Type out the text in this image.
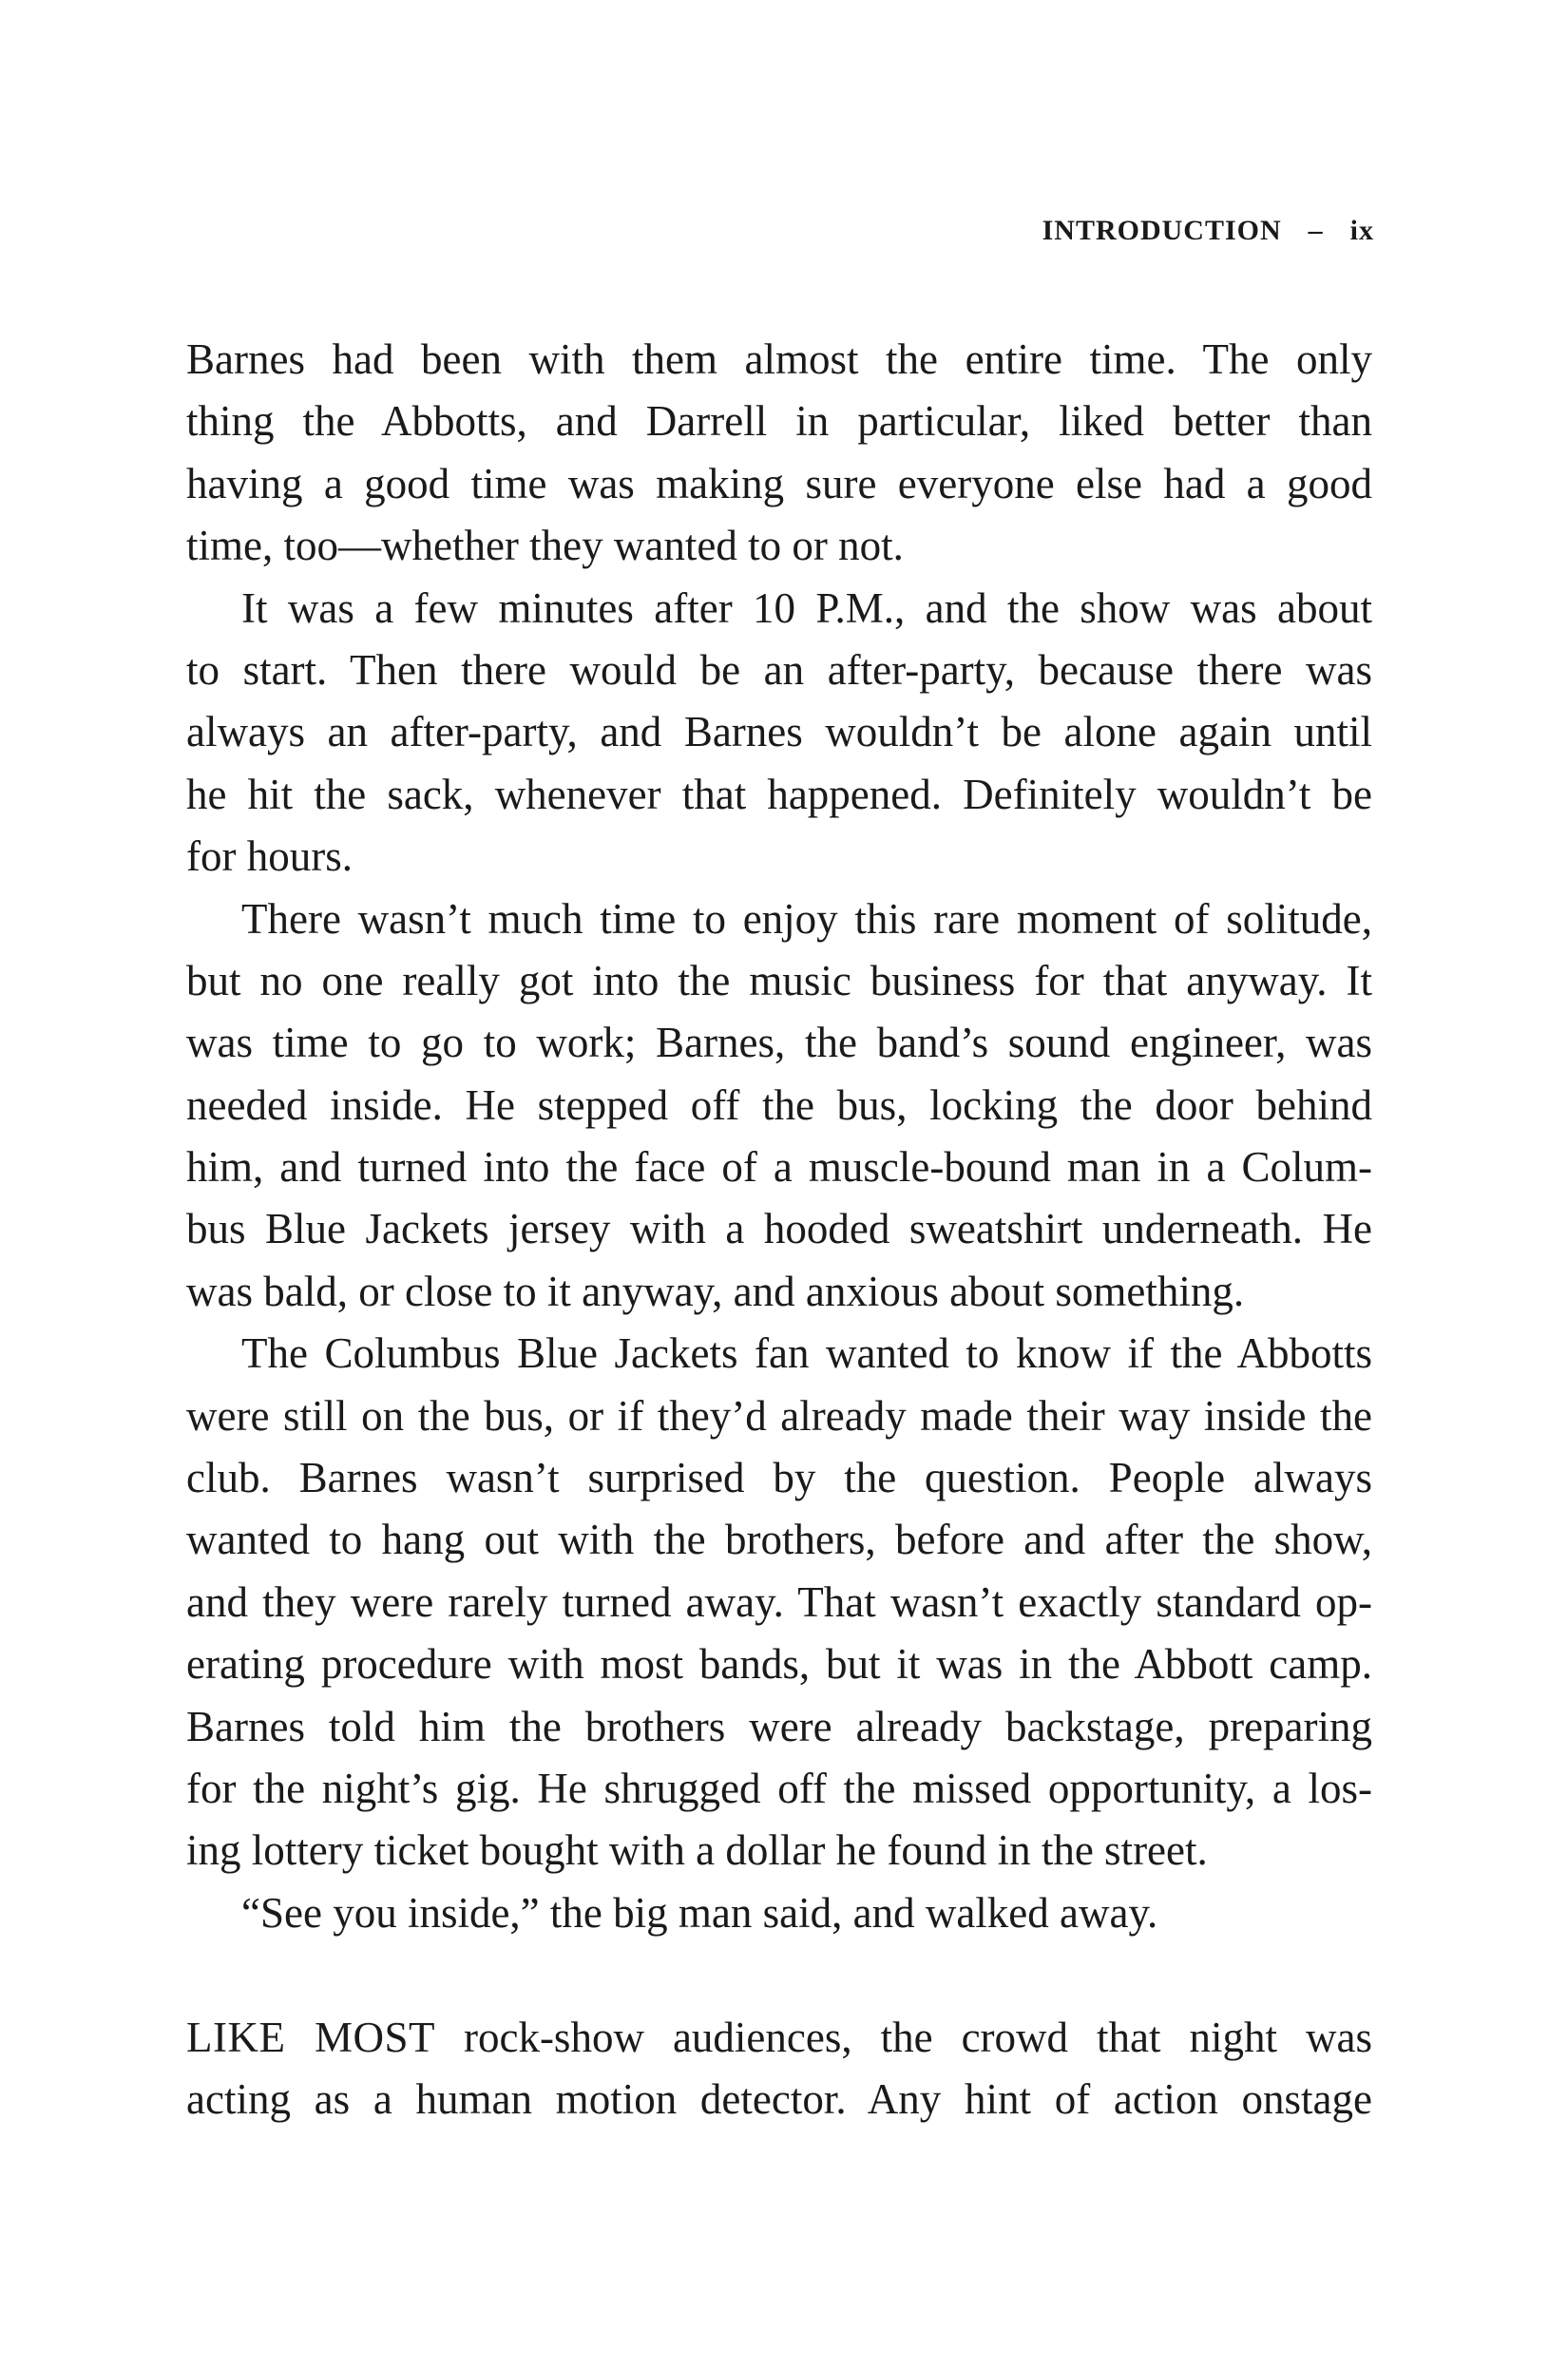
INTRODUCTION – ix
Barnes had been with them almost the entire time. The only
thing the Abbotts, and Darrell in particular, liked better than
having a good time was making sure everyone else had a good
time, too—whether they wanted to or not.
It was a few minutes after 10 P.M., and the show was about
to start. Then there would be an after-party, because there was
always an after-party, and Barnes wouldn’t be alone again until
he hit the sack, whenever that happened. Definitely wouldn’t be
for hours.
There wasn’t much time to enjoy this rare moment of solitude,
but no one really got into the music business for that anyway. It
was time to go to work; Barnes, the band’s sound engineer, was
needed inside. He stepped off the bus, locking the door behind
him, and turned into the face of a muscle-bound man in a Colum-
bus Blue Jackets jersey with a hooded sweatshirt underneath. He
was bald, or close to it anyway, and anxious about something.
The Columbus Blue Jackets fan wanted to know if the Abbotts
were still on the bus, or if they’d already made their way inside the
club. Barnes wasn’t surprised by the question. People always
wanted to hang out with the brothers, before and after the show,
and they were rarely turned away. That wasn’t exactly standard op-
erating procedure with most bands, but it was in the Abbott camp.
Barnes told him the brothers were already backstage, preparing
for the night’s gig. He shrugged off the missed opportunity, a los-
ing lottery ticket bought with a dollar he found in the street.
“See you inside,” the big man said, and walked away.
LIKE MOST rock-show audiences, the crowd that night was
acting as a human motion detector. Any hint of action onstage
